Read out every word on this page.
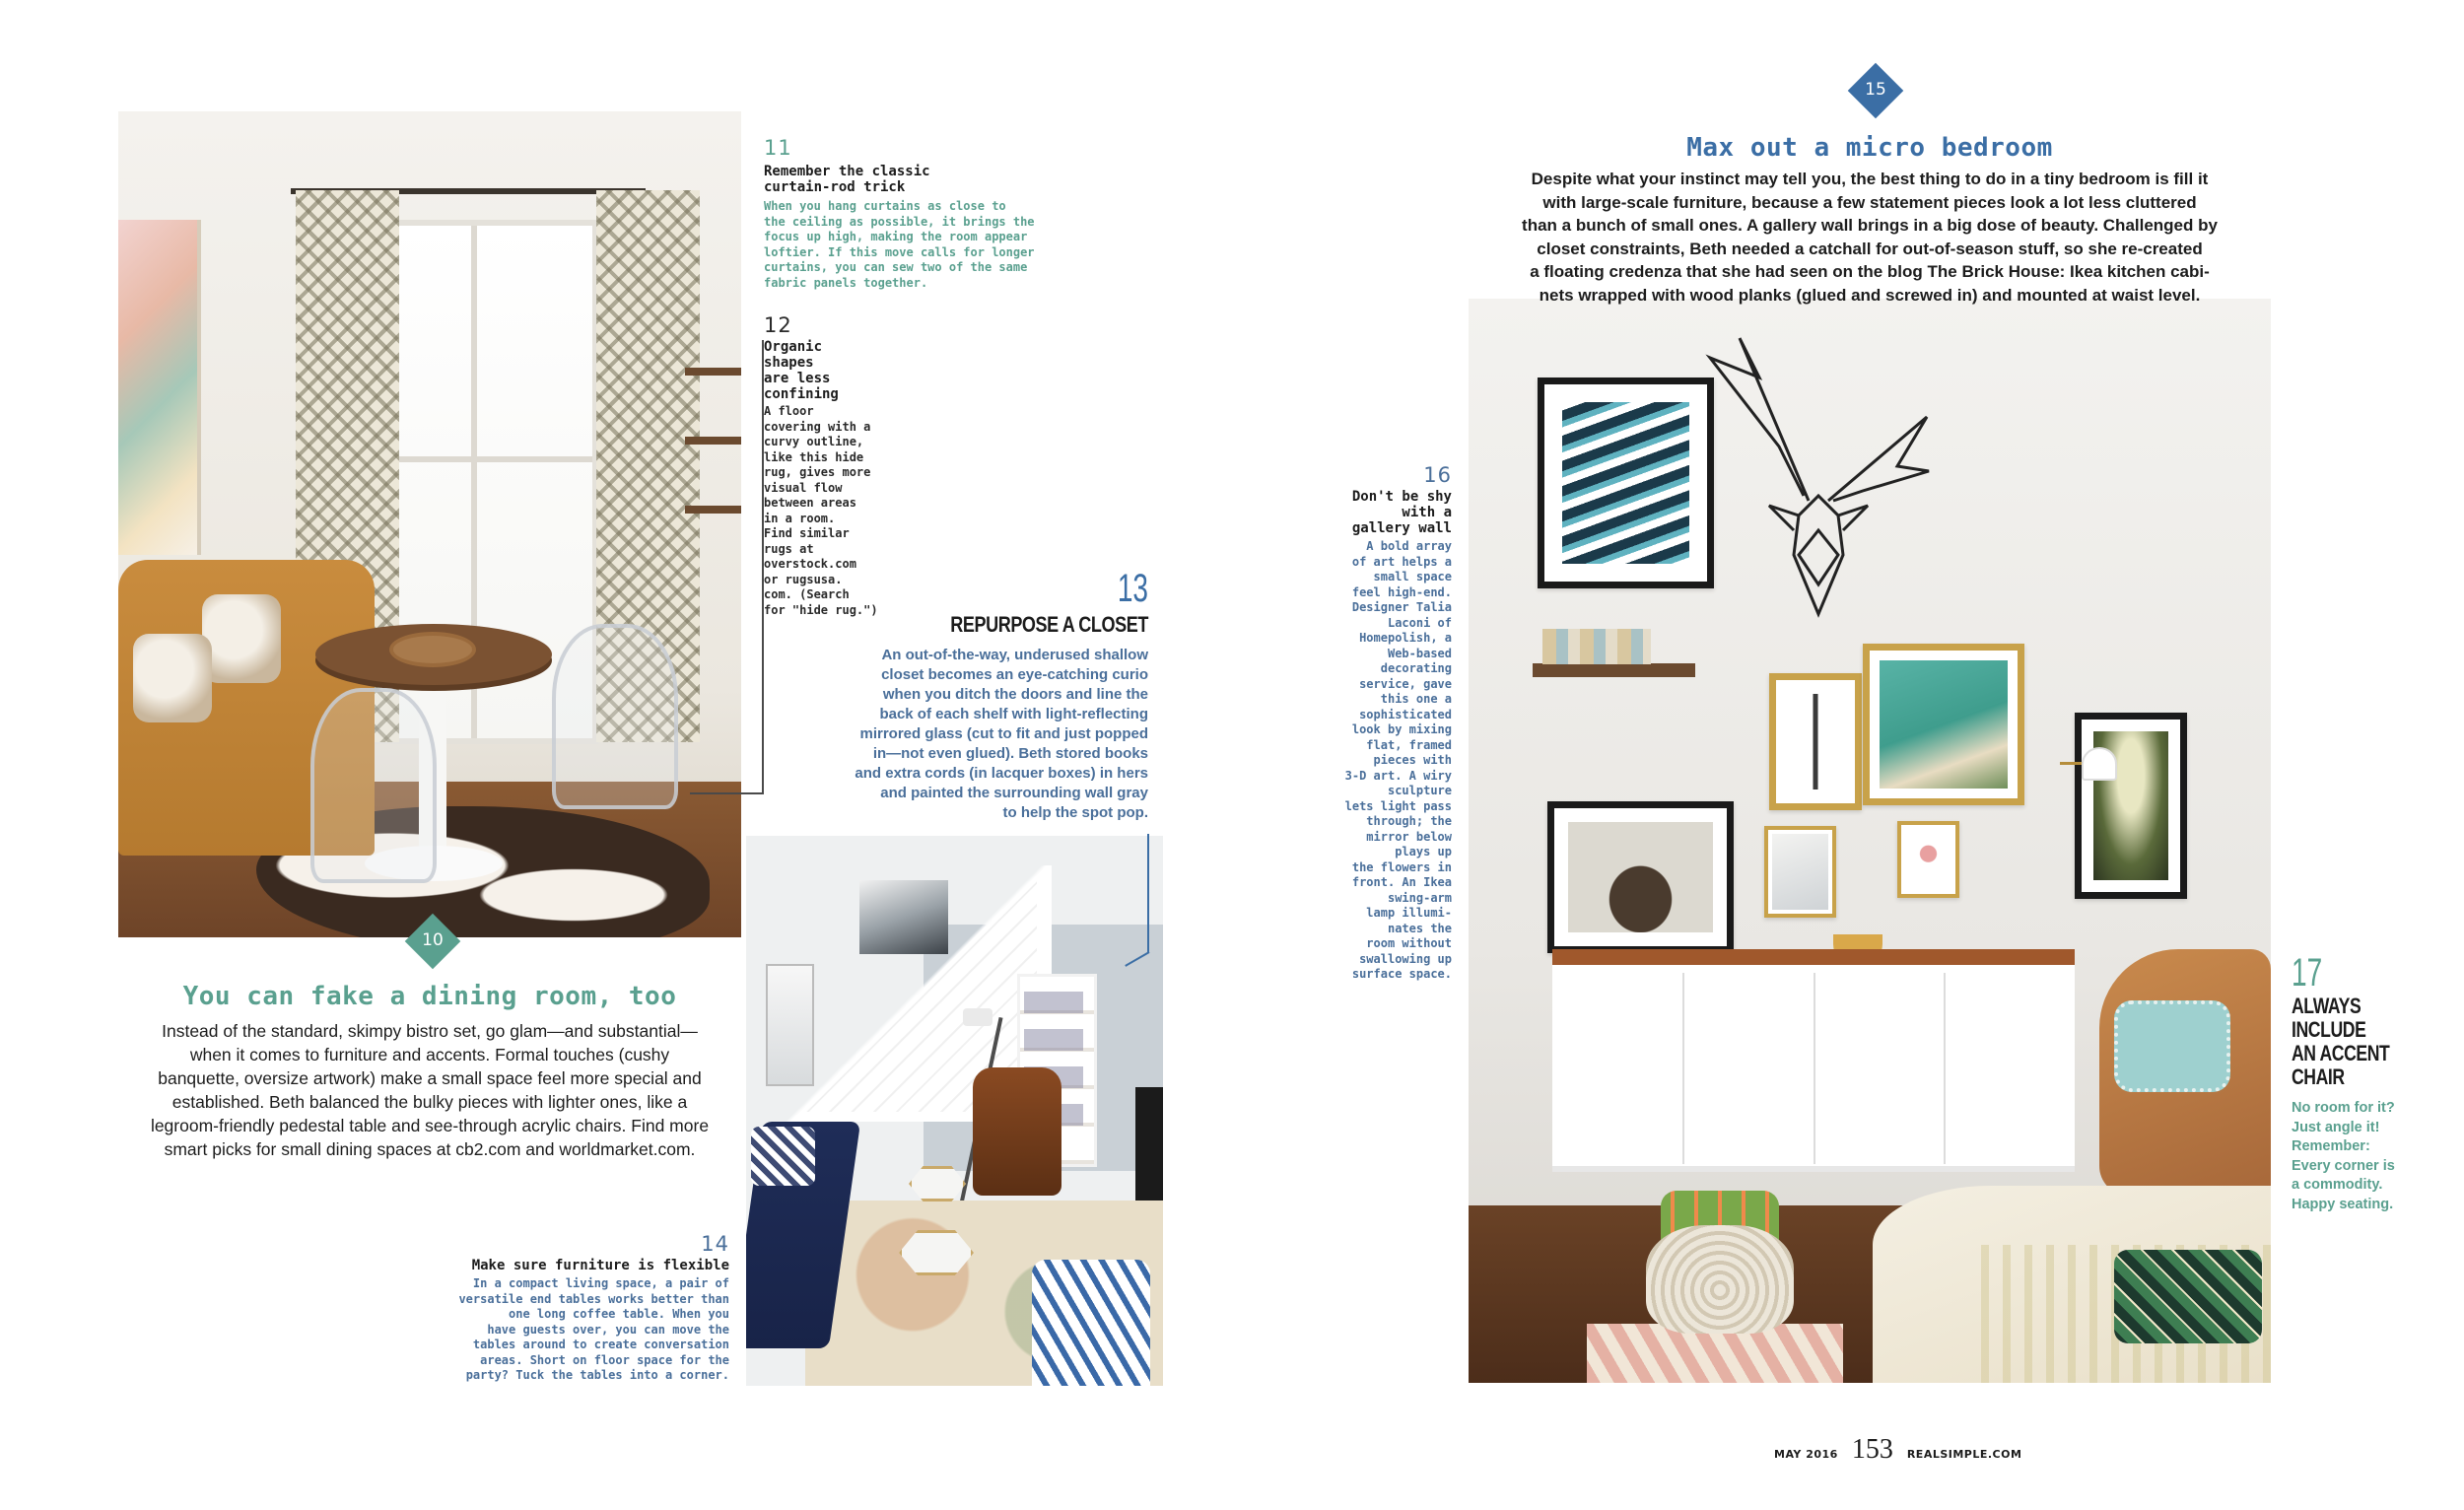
10
You can fake a dining room, too
Instead of the standard, skimpy bistro set, go glam—and substantial—
when it comes to furniture and accents. Formal touches (cushy
banquette, oversize artwork) make a small space feel more special and
established. Beth balanced the bulky pieces with lighter ones, like a
legroom-friendly pedestal table and see-through acrylic chairs. Find more
smart picks for small dining spaces at cb2.com and worldmarket.com.
11
Remember the classic
curtain-rod trick
When you hang curtains as close to
the ceiling as possible, it brings the
focus up high, making the room appear
loftier. If this move calls for longer
curtains, you can sew two of the same
fabric panels together.
12
Organic
shapes
are less
confining
A floor
covering with a
curvy outline,
like this hide
rug, gives more
visual flow
between areas
in a room.
Find similar
rugs at
overstock.com
or rugsusa.
com. (Search
for "hide rug.")	13
REPURPOSE A CLOSET
An out-of-the-way, underused shallow
closet becomes an eye-catching curio
when you ditch the doors and line the
back of each shelf with light-reflecting
mirrored glass (cut to fit and just popped
in—not even glued). Beth stored books
and extra cords (in lacquer boxes) in hers
and painted the surrounding wall gray
to help the spot pop.
14
Make sure furniture is flexible
In a compact living space, a pair of
versatile end tables works better than
one long coffee table. When you
have guests over, you can move the
tables around to create conversation
areas. Short on floor space for the
party? Tuck the tables into a corner.
15
Max out a micro bedroom
Despite what your instinct may tell you, the best thing to do in a tiny bedroom is fill it
with large-scale furniture, because a few statement pieces look a lot less cluttered
than a bunch of small ones. A gallery wall brings in a big dose of beauty. Challenged by
closet constraints, Beth needed a catchall for out-of-season stuff, so she re-created
a floating credenza that she had seen on the blog The Brick House: Ikea kitchen cabi-
nets wrapped with wood planks (glued and screwed in) and mounted at waist level.
16
Don't be shy
with a
gallery wall
A bold array
of art helps a
small space
feel high-end.
Designer Talia
Laconi of
Homepolish, a
Web-based
decorating
service, gave
this one a
sophisticated
look by mixing
flat, framed
pieces with
3-D art. A wiry
sculpture
lets light pass
through; the
mirror below
plays up
the flowers in
front. An Ikea
swing-arm
lamp illumi-
nates the
room without
swallowing up
surface space.	17
ALWAYS
INCLUDE
AN ACCENT
CHAIR
No room for it?
Just angle it!
Remember:
Every corner is
a commodity.
Happy seating.
MAY 2016 153 REALSIMPLE.COM
